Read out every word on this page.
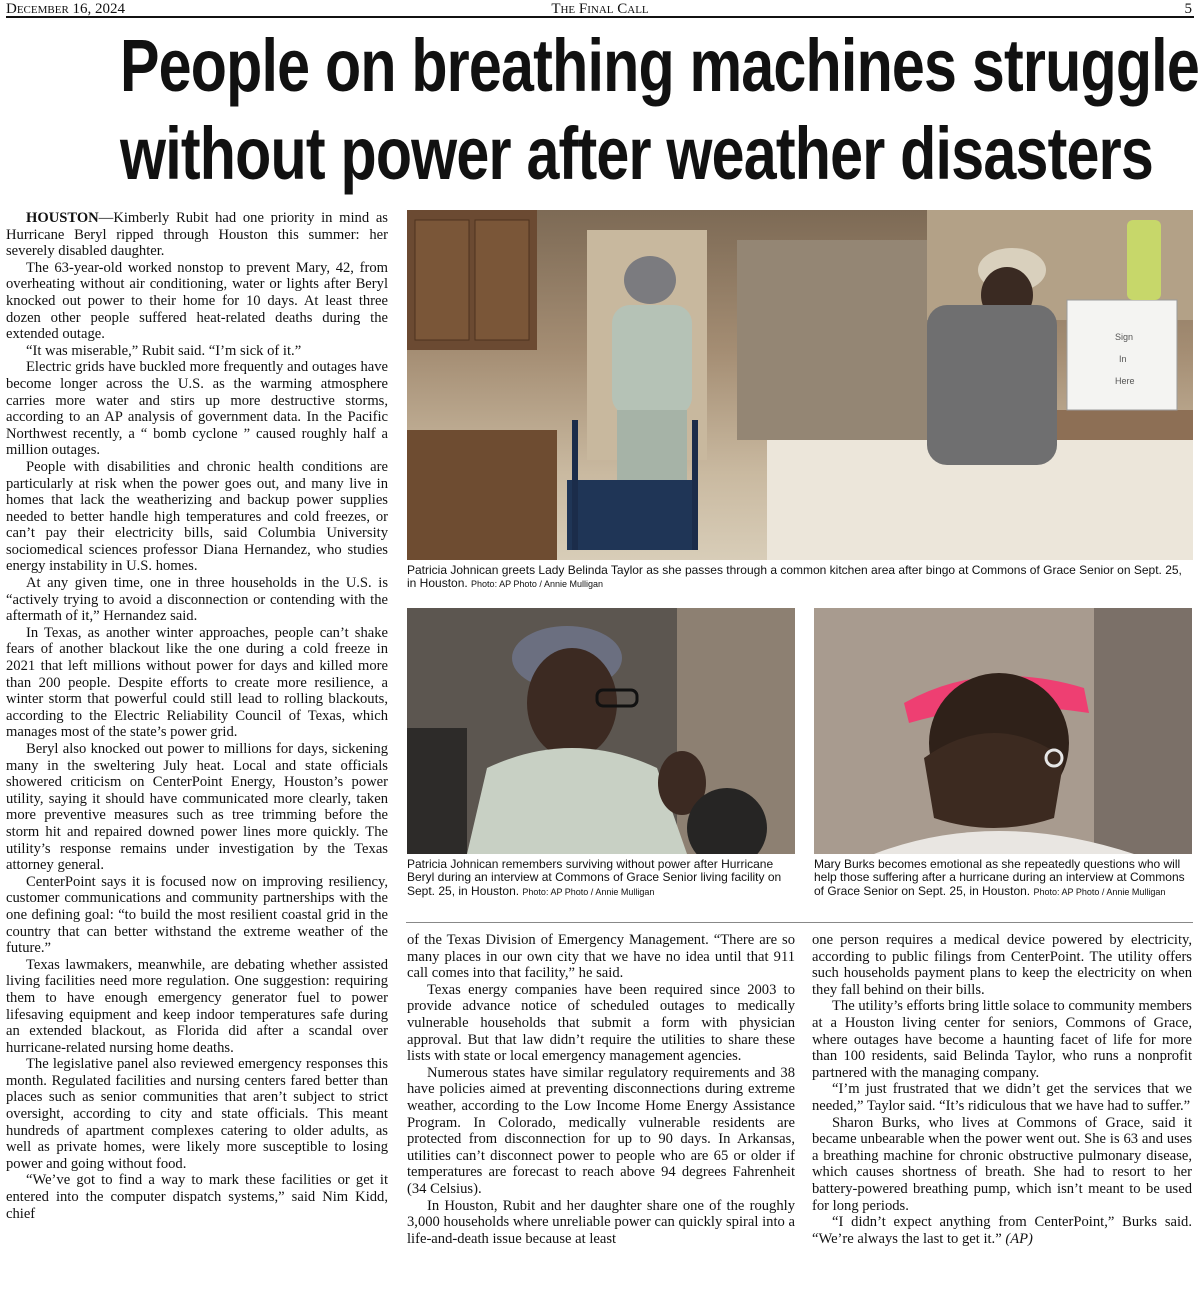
December 16, 2024	The Final Call	5
People on breathing machines struggle
without power after weather disasters

HOUSTON—Kimberly Rubit had one priority in mind as Hurricane Beryl ripped through Houston this summer: her severely disabled daughter.

The 63-year-old worked nonstop to prevent Mary, 42, from overheating without air conditioning, water or lights after Beryl knocked out power to their home for 10 days. At least three dozen other people suffered heat-related deaths during the extended outage.

“It was miserable,” Rubit said. “I’m sick of it.”

Electric grids have buckled more frequently and outages have become longer across the U.S. as the warming atmosphere carries more water and stirs up more destructive storms, according to an AP analysis of government data. In the Pacific Northwest recently, a “ bomb cyclone ” caused roughly half a million outages.

People with disabilities and chronic health conditions are particularly at risk when the power goes out, and many live in homes that lack the weatherizing and backup power supplies needed to better handle high temperatures and cold freezes, or can’t pay their electricity bills, said Columbia University sociomedical sciences professor Diana Hernandez, who studies energy instability in U.S. homes.

At any given time, one in three households in the U.S. is “actively trying to avoid a disconnection or contending with the aftermath of it,” Hernandez said.

In Texas, as another winter approaches, people can’t shake fears of another blackout like the one during a cold freeze in 2021 that left millions without power for days and killed more than 200 people. Despite efforts to create more resilience, a winter storm that powerful could still lead to rolling blackouts, according to the Electric Reliability Council of Texas, which manages most of the state’s power grid.

Beryl also knocked out power to millions for days, sickening many in the sweltering July heat. Local and state officials showered criticism on CenterPoint Energy, Houston’s power utility, saying it should have communicated more clearly, taken more preventive measures such as tree trimming before the storm hit and repaired downed power lines more quickly. The utility’s response remains under investigation by the Texas attorney general.

CenterPoint says it is focused now on improving resiliency, customer communications and community partnerships with the one defining goal: “to build the most resilient coastal grid in the country that can better withstand the extreme weather of the future.”

Texas lawmakers, meanwhile, are debating whether assisted living facilities need more regulation. One suggestion: requiring them to have enough emergency generator fuel to power lifesaving equipment and keep indoor temperatures safe during an extended blackout, as Florida did after a scandal over hurricane-related nursing home deaths.

The legislative panel also reviewed emergency responses this month. Regulated facilities and nursing centers fared better than places such as senior communities that aren’t subject to strict oversight, according to city and state officials. This meant hundreds of apartment complexes catering to older adults, as well as private homes, were likely more susceptible to losing power and going without food.

“We’ve got to find a way to mark these facilities or get it entered into the computer dispatch systems,” said Nim Kidd, chief

Sign
In
Here
Patricia Johnican greets Lady Belinda Taylor as she passes through a common kitchen area after bingo at Commons of Grace Senior on Sept. 25, in Houston. Photo: AP Photo / Annie Mulligan
Patricia Johnican remembers surviving without power after Hurricane Beryl during an interview at Commons of Grace Senior living facility on Sept. 25, in Houston. Photo: AP Photo / Annie Mulligan
Mary Burks becomes emotional as she repeatedly questions who will help those suffering after a hurricane during an interview at Commons of Grace Senior on Sept. 25, in Houston. Photo: AP Photo / Annie Mulligan

of the Texas Division of Emergency Management. “There are so many places in our own city that we have no idea until that 911 call comes into that facility,” he said.

Texas energy companies have been required since 2003 to provide advance notice of scheduled outages to medically vulnerable households that submit a form with physician approval. But that law didn’t require the utilities to share these lists with state or local emergency management agencies.

Numerous states have similar regulatory requirements and 38 have policies aimed at preventing disconnections during extreme weather, according to the Low Income Home Energy Assistance Program. In Colorado, medically vulnerable residents are protected from disconnection for up to 90 days. In Arkansas, utilities can’t disconnect power to people who are 65 or older if temperatures are forecast to reach above 94 degrees Fahrenheit (34 Celsius).

In Houston, Rubit and her daughter share one of the roughly 3,000 households where unreliable power can quickly spiral into a life-and-death issue because at least

one person requires a medical device powered by electricity, according to public filings from CenterPoint. The utility offers such households payment plans to keep the electricity on when they fall behind on their bills.

The utility’s efforts bring little solace to community members at a Houston living center for seniors, Commons of Grace, where outages have become a haunting facet of life for more than 100 residents, said Belinda Taylor, who runs a nonprofit partnered with the managing company.

“I’m just frustrated that we didn’t get the services that we needed,” Taylor said. “It’s ridiculous that we have had to suffer.”

Sharon Burks, who lives at Commons of Grace, said it became unbearable when the power went out. She is 63 and uses a breathing machine for chronic obstructive pulmonary disease, which causes shortness of breath. She had to resort to her battery-powered breathing pump, which isn’t meant to be used for long periods.

“I didn’t expect anything from CenterPoint,” Burks said. “We’re always the last to get it.” (AP)
